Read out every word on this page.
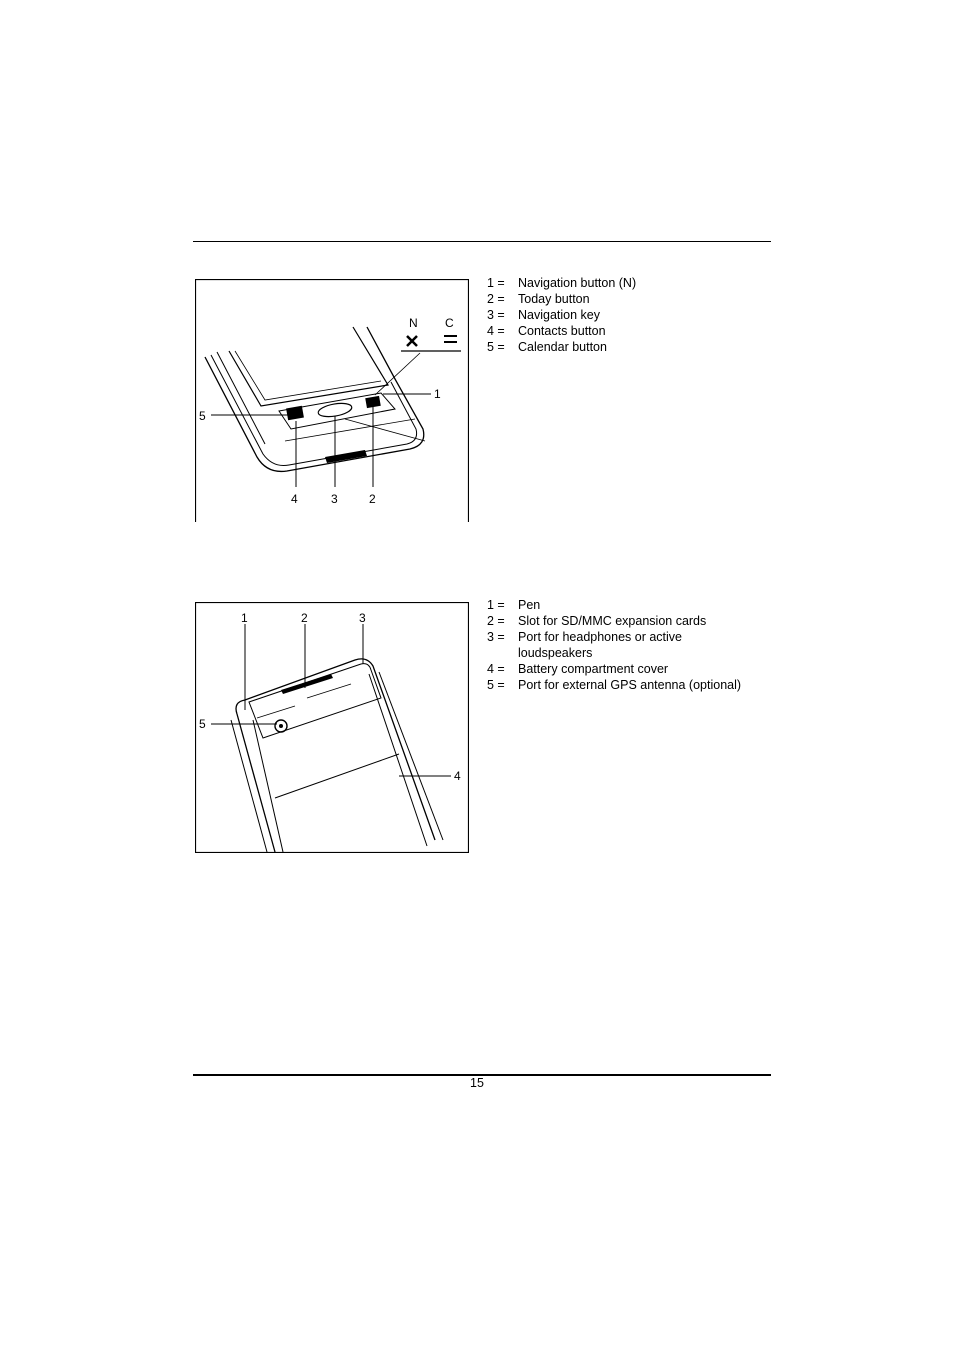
5
1
4	3	2
N C
1 =	Navigation button (N)
2 =	Today button
3 =	Navigation key
4 =	Contacts button
5 =	Calendar button
1	2	3
4
5
1 =	Pen
2 =	Slot for SD/MMC expansion cards
3 =	Port for headphones or active loudspeakers
4 =	Battery compartment cover
5 =	Port for external GPS antenna (optional)
15
